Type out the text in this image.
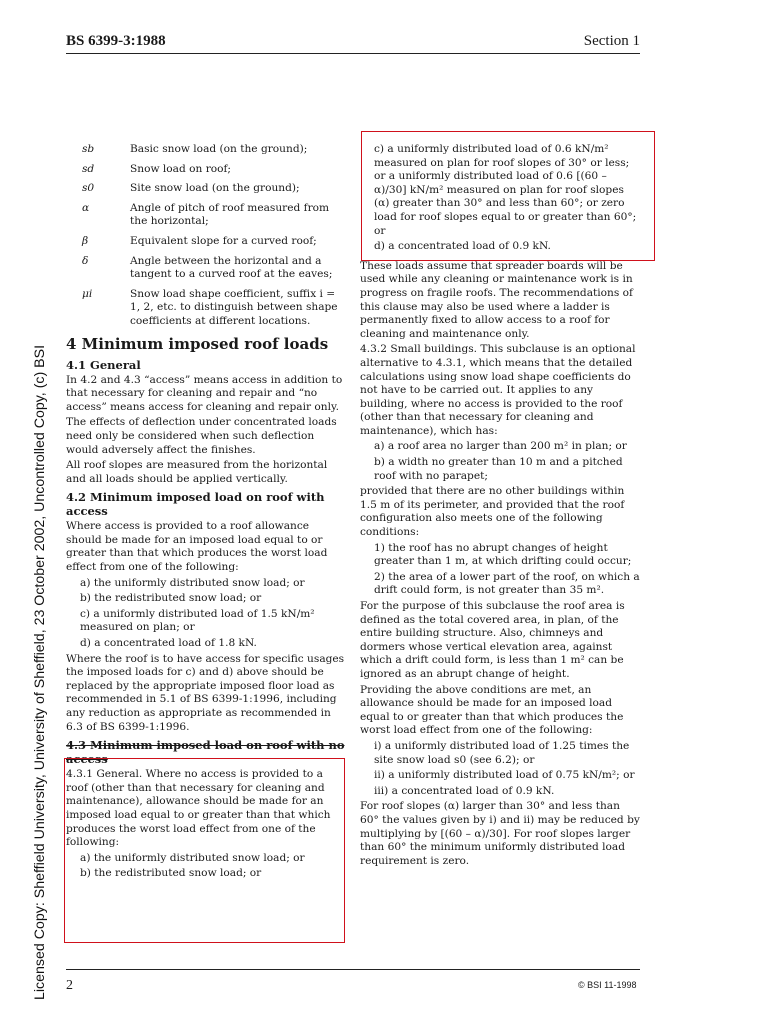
BS 6399-3:1988	Section 1
Licensed Copy: Sheffield University, University of Sheffield, 23 October 2002, Uncontrolled Copy, (c) BSI
sb	Basic snow load (on the ground);
sd	Snow load on roof;
s0	Site snow load (on the ground);
α	Angle of pitch of roof measured from the horizontal;
β	Equivalent slope for a curved roof;
δ	Angle between the horizontal and a tangent to a curved roof at the eaves;
μi	Snow load shape coefficient, suffix i = 1, 2, etc. to distinguish between shape coefficients at different locations.
4 Minimum imposed roof loads
4.1 General

In 4.2 and 4.3 “access” means access in addition to that necessary for cleaning and repair and “no access” means access for cleaning and repair only.

The effects of deflection under concentrated loads need only be considered when such deflection would adversely affect the finishes.

All roof slopes are measured from the horizontal and all loads should be applied vertically.

4.2 Minimum imposed load on roof with access

Where access is provided to a roof allowance should be made for an imposed load equal to or greater than that which produces the worst load effect from one of the following:

a) the uniformly distributed snow load; or

b) the redistributed snow load; or

c) a uniformly distributed load of 1.5 kN/m² measured on plan; or

d) a concentrated load of 1.8 kN.

Where the roof is to have access for specific usages the imposed loads for c) and d) above should be replaced by the appropriate imposed floor load as recommended in 5.1 of BS 6399-1:1996, including any reduction as appropriate as recommended in 6.3 of BS 6399-1:1996.

4.3 Minimum imposed load on roof with no access

4.3.1 General. Where no access is provided to a roof (other than that necessary for cleaning and maintenance), allowance should be made for an imposed load equal to or greater than that which produces the worst load effect from one of the following:

a) the uniformly distributed snow load; or

b) the redistributed snow load; or

c) a uniformly distributed load of 0.6 kN/m² measured on plan for roof slopes of 30° or less; or a uniformly distributed load of 0.6 [(60 – α)/30] kN/m² measured on plan for roof slopes (α) greater than 30° and less than 60°; or zero load for roof slopes equal to or greater than 60°; or

d) a concentrated load of 0.9 kN.

These loads assume that spreader boards will be used while any cleaning or maintenance work is in progress on fragile roofs. The recommendations of this clause may also be used where a ladder is permanently fixed to allow access to a roof for cleaning and maintenance only.

4.3.2 Small buildings. This subclause is an optional alternative to 4.3.1, which means that the detailed calculations using snow load shape coefficients do not have to be carried out. It applies to any building, where no access is provided to the roof (other than that necessary for cleaning and maintenance), which has:

a) a roof area no larger than 200 m² in plan; or

b) a width no greater than 10 m and a pitched roof with no parapet;

provided that there are no other buildings within 1.5 m of its perimeter, and provided that the roof configuration also meets one of the following conditions:

1) the roof has no abrupt changes of height greater than 1 m, at which drifting could occur;

2) the area of a lower part of the roof, on which a drift could form, is not greater than 35 m².

For the purpose of this subclause the roof area is defined as the total covered area, in plan, of the entire building structure. Also, chimneys and dormers whose vertical elevation area, against which a drift could form, is less than 1 m² can be ignored as an abrupt change of height.

Providing the above conditions are met, an allowance should be made for an imposed load equal to or greater than that which produces the worst load effect from one of the following:

i) a uniformly distributed load of 1.25 times the site snow load s0 (see 6.2); or

ii) a uniformly distributed load of 0.75 kN/m²; or

iii) a concentrated load of 0.9 kN.

For roof slopes (α) larger than 30° and less than 60° the values given by i) and ii) may be reduced by multiplying by [(60 – α)/30]. For roof slopes larger than 60° the minimum uniformly distributed load requirement is zero.

2	© BSI 11-1998
